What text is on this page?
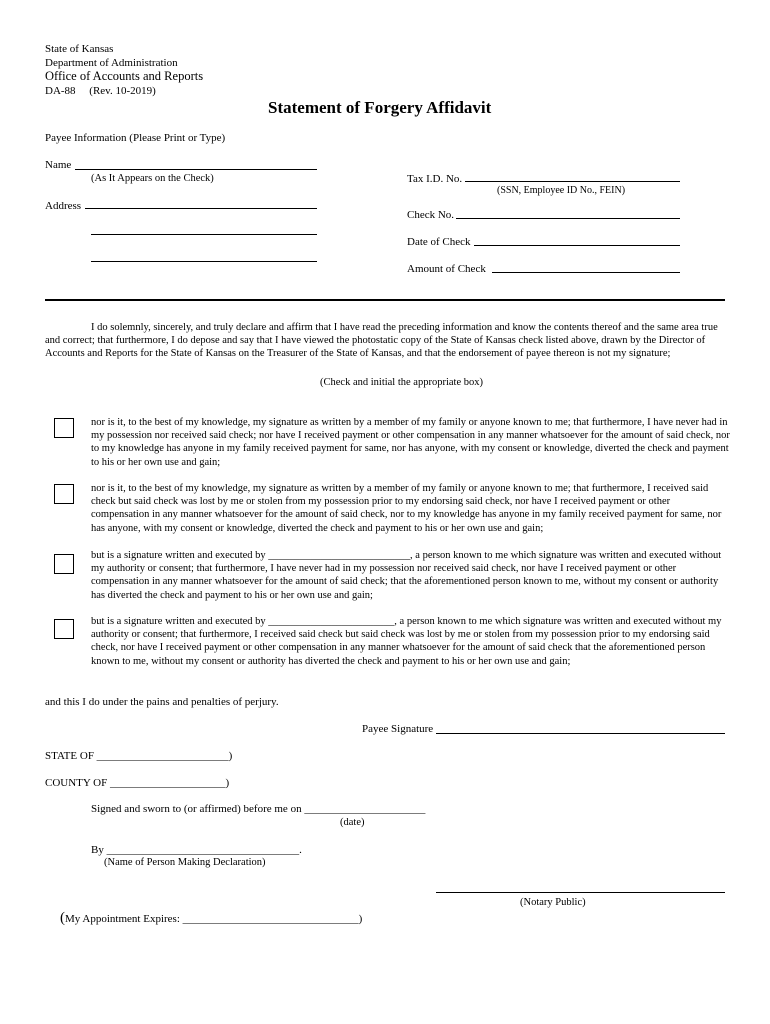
State of Kansas
Department of Administration
Office of Accounts and Reports
DA-88     (Rev. 10-2019)
Statement of Forgery Affidavit
Payee Information (Please Print or Type)
Name
(As It Appears on the Check)
Address
Tax I.D. No.
(SSN, Employee ID No., FEIN)
Check No.
Date of Check
Amount of Check
I do solemnly, sincerely, and truly declare and affirm that I have read the preceding information and know the contents thereof and the same area true and correct; that furthermore, I do depose and say that I have viewed the photostatic copy of the State of Kansas check listed above, drawn by the Director of Accounts and Reports for the State of Kansas on the Treasurer of the State of Kansas, and that the endorsement of payee thereon is not my signature;
(Check and initial the appropriate box)
nor is it, to the best of my knowledge, my signature as written by a member of my family or anyone known to me; that furthermore, I have never had in my possession nor received said check; nor have I received payment or other compensation in any manner whatsoever for the amount of said check, nor to my knowledge has anyone in my family received payment for same, nor has anyone, with my consent or knowledge, diverted the check and payment to his or her own use and gain;
nor is it, to the best of my knowledge, my signature as written by a member of my family or anyone known to me; that furthermore, I received said check but said check was lost by me or stolen from my possession prior to my endorsing said check, nor have I received payment or other compensation in any manner whatsoever for the amount of said check, nor to my knowledge has anyone in my family received payment for same, nor has anyone, with my consent or knowledge, diverted the check and payment to his or her own use and gain;
but is a signature written and executed by ___________________________, a person known to me which signature was written and executed without my authority or consent; that furthermore, I have never had in my possession nor received said check, nor have I received payment or other compensation in any manner whatsoever for the amount of said check; that the aforementioned person known to me, without my consent or authority has diverted the check and payment to his or her own use and gain;
but is a signature written and executed by ________________________, a person known to me which signature was written and executed without my authority or consent; that furthermore, I received said check but said check was lost by me or stolen from my possession prior to my endorsing said check, nor have I received payment or other compensation in any manner whatsoever for the amount of said check that the aforementioned person known to me, without my consent or authority has diverted the check and payment to his or her own use and gain;
and this I do under the pains and penalties of perjury.
Payee Signature
STATE OF ________________________)
COUNTY OF _____________________)
Signed and sworn to (or affirmed) before me on ______________________
(date)
By ___________________________________.
(Name of Person Making Declaration)
(Notary Public)
(My Appointment Expires: ________________________________)
